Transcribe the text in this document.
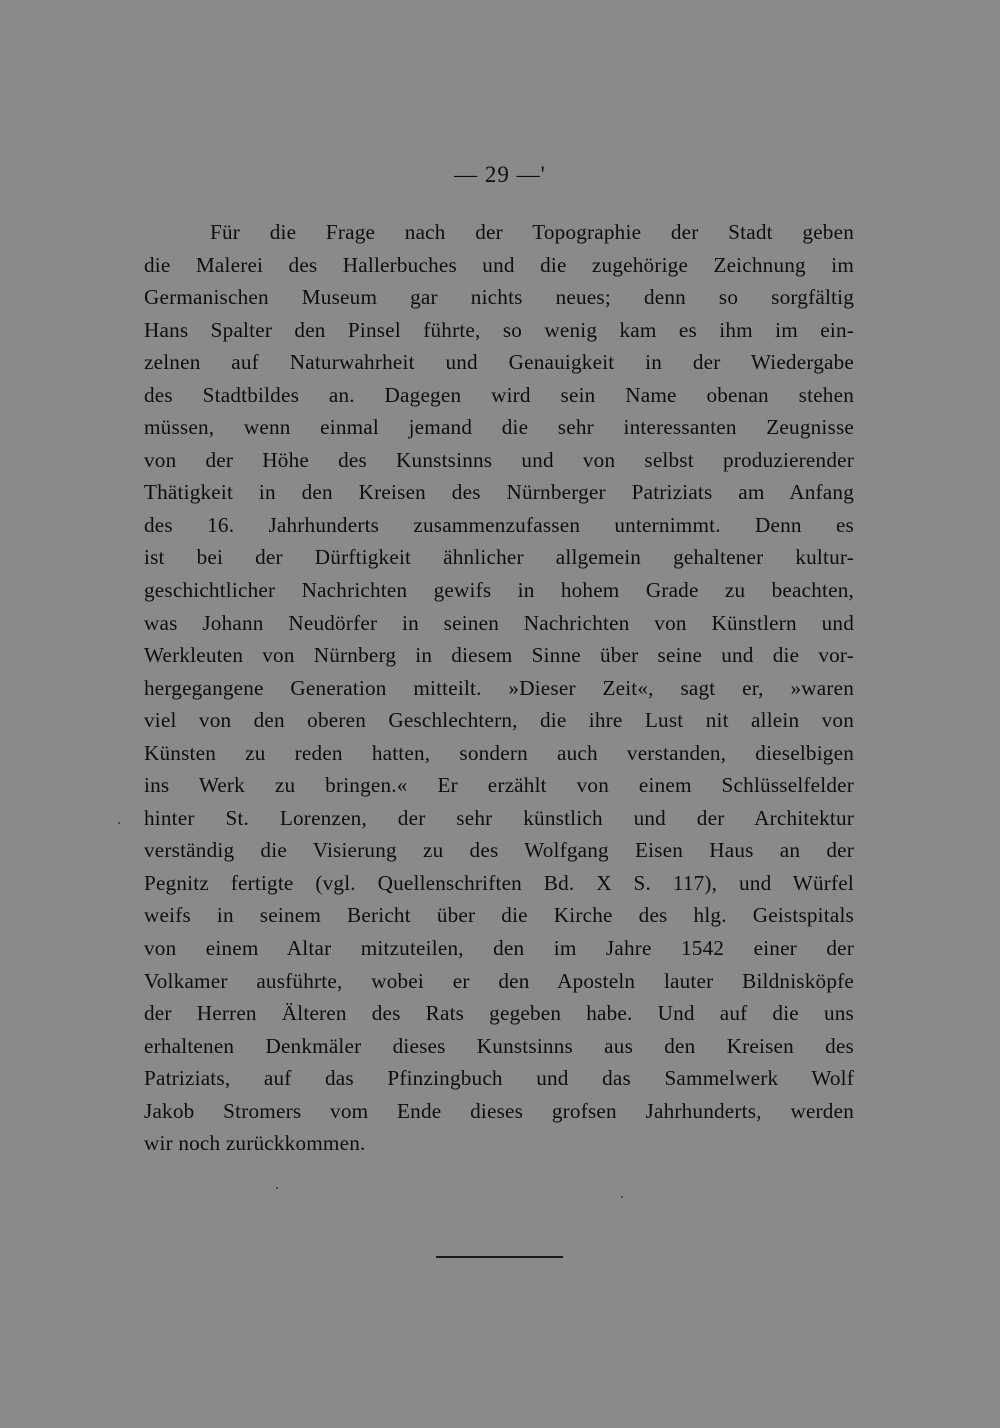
— 29 —'
Für die Frage nach der Topographie der Stadt geben
die Malerei des Hallerbuches und die zugehörige Zeichnung im
Germanischen Museum gar nichts neues; denn so sorgfältig
Hans Spalter den Pinsel führte, so wenig kam es ihm im ein-
zelnen auf Naturwahrheit und Genauigkeit in der Wiedergabe
des Stadtbildes an. Dagegen wird sein Name obenan stehen
müssen, wenn einmal jemand die sehr interessanten Zeugnisse
von der Höhe des Kunstsinns und von selbst produzierender
Thätigkeit in den Kreisen des Nürnberger Patriziats am Anfang
des 16. Jahrhunderts zusammenzufassen unternimmt. Denn es
ist bei der Dürftigkeit ähnlicher allgemein gehaltener kultur-
geschichtlicher Nachrichten gewifs in hohem Grade zu beachten,
was Johann Neudörfer in seinen Nachrichten von Künstlern und
Werkleuten von Nürnberg in diesem Sinne über seine und die vor-
hergegangene Generation mitteilt. »Dieser Zeit«, sagt er, »waren
viel von den oberen Geschlechtern, die ihre Lust nit allein von
Künsten zu reden hatten, sondern auch verstanden, dieselbigen
ins Werk zu bringen.« Er erzählt von einem Schlüsselfelder
hinter St. Lorenzen, der sehr künstlich und der Architektur
verständig die Visierung zu des Wolfgang Eisen Haus an der
Pegnitz fertigte (vgl. Quellenschriften Bd. X S. 117), und Würfel
weifs in seinem Bericht über die Kirche des hlg. Geistspitals
von einem Altar mitzuteilen, den im Jahre 1542 einer der
Volkamer ausführte, wobei er den Aposteln lauter Bildnisköpfe
der Herren Älteren des Rats gegeben habe. Und auf die uns
erhaltenen Denkmäler dieses Kunstsinns aus den Kreisen des
Patriziats, auf das Pfinzingbuch und das Sammelwerk Wolf
Jakob Stromers vom Ende dieses grofsen Jahrhunderts, werden
wir noch zurückkommen.
